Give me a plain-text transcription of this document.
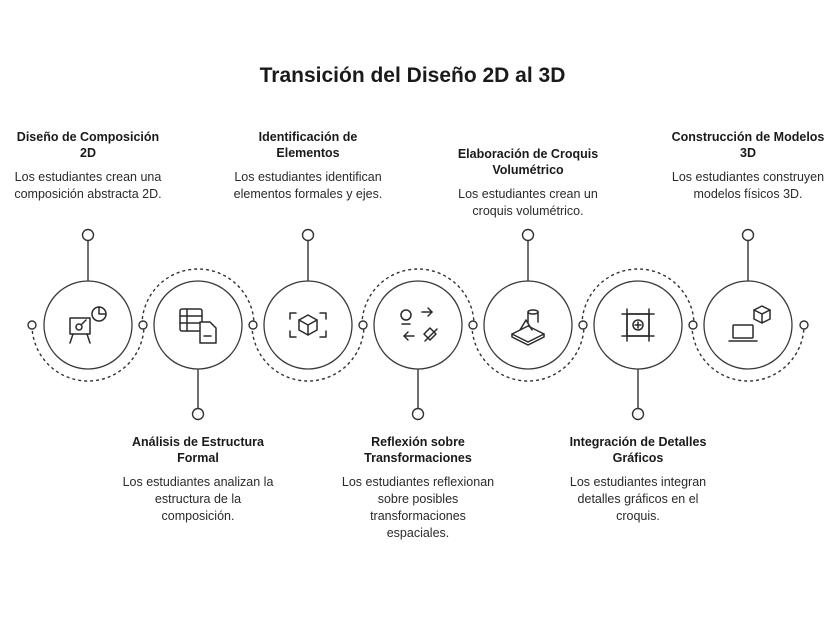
Transición del Diseño 2D al 3D
Diseño de Composición 2D
Los estudiantes crean una composición abstracta 2D.
Identificación de Elementos
Los estudiantes identifican elementos formales y ejes.
Elaboración de Croquis Volumétrico
Los estudiantes crean un croquis volumétrico.
Construcción de Modelos 3D
Los estudiantes construyen modelos físicos 3D.
Análisis de Estructura Formal
Los estudiantes analizan la estructura de la composición.
Reflexión sobre Transformaciones
Los estudiantes reflexionan sobre posibles transformaciones espaciales.
Integración de Detalles Gráficos
Los estudiantes integran detalles gráficos en el croquis.
